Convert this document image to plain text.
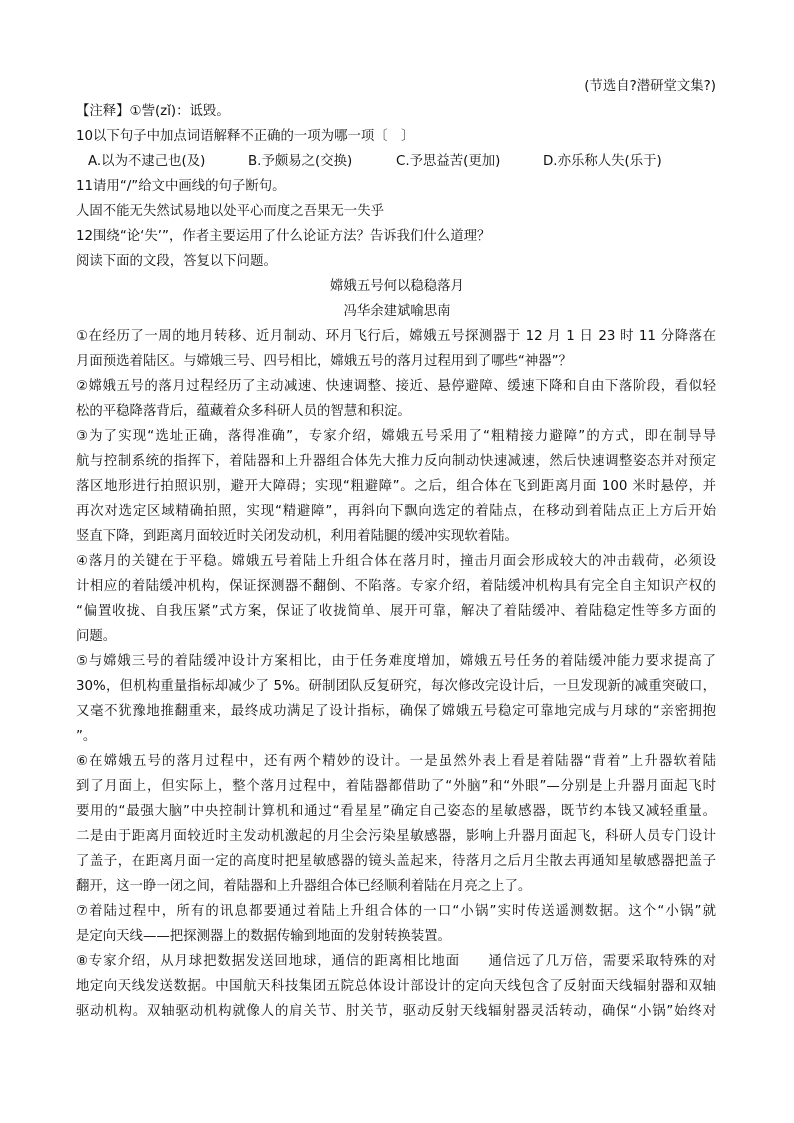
(节选自?潜研堂文集?)
【注释】①訾(zǐ)：诋毁。
10以下句子中加点词语解释不正确的一项为哪一项〔　〕
A.以为不逮己也(及)	B.予颇易之(交换)	C.予思益苦(更加)	D.亦乐称人失(乐于)
11请用“/”给文中画线的句子断句。
人固不能无失然试易地以处平心而度之吾果无一失乎
12围绕“论‘失’”，作者主要运用了什么论证方法？告诉我们什么道理？
阅读下面的文段，答复以下问题。
嫦娥五号何以稳稳落月
冯华余建斌喻思南
①在经历了一周的地月转移、近月制动、环月飞行后，嫦娥五号探测器于 12 月 1 日 23 时 11 分降落在
月面预选着陆区。与嫦娥三号、四号相比，嫦娥五号的落月过程用到了哪些“神器”？
②嫦娥五号的落月过程经历了主动减速、快速调整、接近、悬停避障、缓速下降和自由下落阶段，看似轻
松的平稳降落背后，蕴藏着众多科研人员的智慧和积淀。
③为了实现“选址正确，落得准确”，专家介绍，嫦娥五号采用了“粗精接力避障”的方式，即在制导导
航与控制系统的指挥下，着陆器和上升器组合体先大推力反向制动快速减速，然后快速调整姿态并对预定
落区地形进行拍照识别，避开大障碍；实现“粗避障”。之后，组合体在飞到距离月面 100 米时悬停，并
再次对选定区域精确拍照，实现“精避障”，再斜向下飘向选定的着陆点，在移动到着陆点正上方后开始
竖直下降，到距离月面较近时关闭发动机，利用着陆腿的缓冲实现软着陆。
④落月的关键在于平稳。嫦娥五号着陆上升组合体在落月时，撞击月面会形成较大的冲击载荷，必须设
计相应的着陆缓冲机构，保证探测器不翻倒、不陷落。专家介绍，着陆缓冲机构具有完全自主知识产权的
“偏置收拢、自我压紧”式方案，保证了收拢简单、展开可靠，解决了着陆缓冲、着陆稳定性等多方面的
问题。
⑤与嫦娥三号的着陆缓冲设计方案相比，由于任务难度增加，嫦娥五号任务的着陆缓冲能力要求提高了
30%，但机构重量指标却减少了 5%。研制团队反复研究，每次修改完设计后，一旦发现新的减重突破口，
又毫不犹豫地推翻重来，最终成功满足了设计指标，确保了嫦娥五号稳定可靠地完成与月球的“亲密拥抱
”。
⑥在嫦娥五号的落月过程中，还有两个精妙的设计。一是虽然外表上看是着陆器“背着”上升器软着陆
到了月面上，但实际上，整个落月过程中，着陆器都借助了“外脑”和“外眼”—分别是上升器月面起飞时
要用的“最强大脑”中央控制计算机和通过“看星星”确定自己姿态的星敏感器，既节约本钱又减轻重量。
二是由于距离月面较近时主发动机激起的月尘会污染星敏感器，影响上升器月面起飞，科研人员专门设计
了盖子，在距离月面一定的高度时把星敏感器的镜头盖起来，待落月之后月尘散去再通知星敏感器把盖子
翻开，这一睁一闭之间，着陆器和上升器组合体已经顺利着陆在月亮之上了。
⑦着陆过程中，所有的讯息都要通过着陆上升组合体的一口“小锅”实时传送遥测数据。这个“小锅”就
是定向天线——把探测器上的数据传输到地面的发射转换装置。
⑧专家介绍，从月球把数据发送回地球，通信的距离相比地面　　通信远了几万倍，需要采取特殊的对
地定向天线发送数据。中国航天科技集团五院总体设计部设计的定向天线包含了反射面天线辐射器和双轴
驱动机构。双轴驱动机构就像人的肩关节、肘关节，驱动反射天线辐射器灵活转动，确保“小锅”始终对
